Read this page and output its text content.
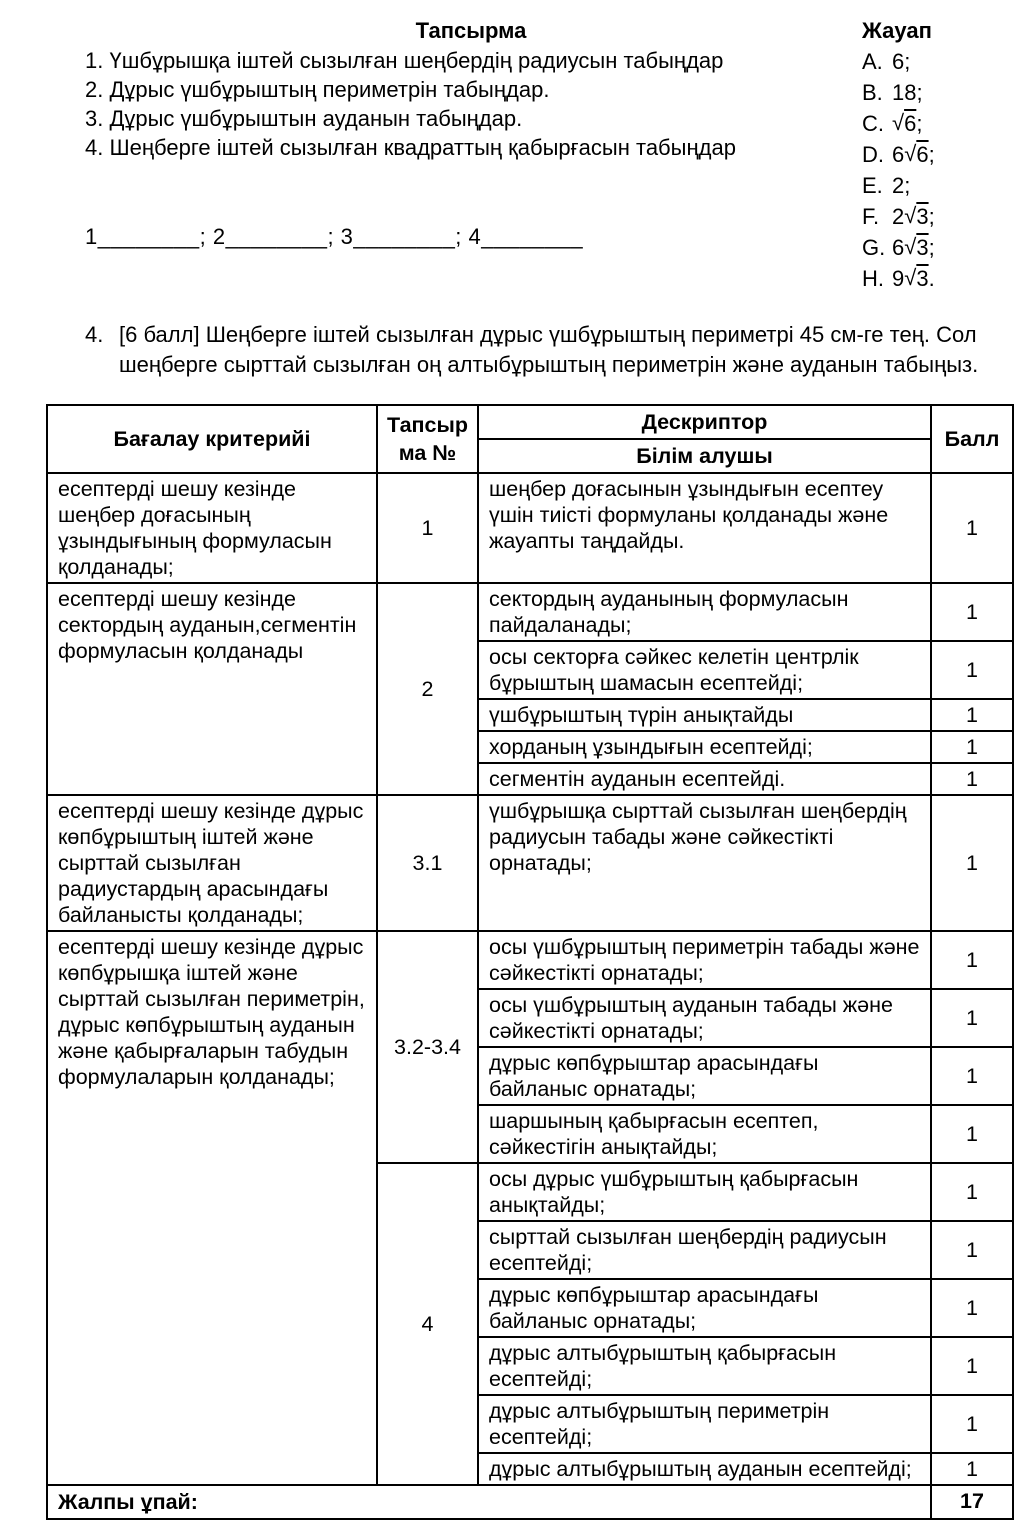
Тапсырма
1. Үшбұрышқа іштей сызылған шеңбердің радиусын табыңдар
2. Дұрыс үшбұрыштың периметрін табыңдар.
3. Дұрыс үшбұрыштын ауданын табыңдар.
4. Шеңберге іштей сызылған квадраттың қабырғасын табыңдар
1________; 2________; 3________; 4________
Жауап
A. 6;
B. 18;
C. √6;
D. 6√6;
E. 2;
F. 2√3;
G. 6√3;
H. 9√3.
4. [6 балл] Шеңберге іштей сызылған дұрыс үшбұрыштың периметрі 45 см-ге тең. Сол шеңберге сырттай сызылған оң алтыбұрыштың периметрін және ауданын табыңыз.
Бағалау критерийі	Тапсырма №	Дескриптор	Балл
		Білім алушы	
есептерді шешу кезінде шеңбер доғасының ұзындығының формуласын қолданады;	1	шеңбер доғасынын ұзындығын есептеу үшін тиісті формуланы қолданады және жауапты таңдайды.	1
есептерді шешу кезінде сектордың ауданын,сегментін формуласын қолданады	2	сектордың ауданының формуласын пайдаланады;	1
		осы секторға сәйкес келетін центрлік бұрыштың шамасын есептейді;	1
		үшбұрыштың түрін анықтайды	1
		хорданың ұзындығын есептейді;	1
		сегментін ауданын есептейді.	1
есептерді шешу кезінде дұрыс көпбұрыштың іштей және сырттай сызылған радиустардың арасындағы байланысты қолданады;	3.1	үшбұрышқа сырттай сызылған шеңбердің радиусын табады және сәйкестікті орнатады;	1
есептерді шешу кезінде дұрыс көпбұрышқа іштей және сырттай сызылған периметрін, дұрыс көпбұрыштың ауданын және қабырғаларын табудын формулаларын қолданады;	3.2-3.4	осы үшбұрыштың периметрін табады және сәйкестікті орнатады;	1
		осы үшбұрыштың ауданын табады және сәйкестікті орнатады;	1
		дұрыс көпбұрыштар арасындағы байланыс орнатады;	1
		шаршының қабырғасын есептеп, сәйкестігін анықтайды;	1
	4	осы дұрыс үшбұрыштың қабырғасын анықтайды;	1
		сырттай сызылған шеңбердің радиусын есептейді;	1
		дұрыс көпбұрыштар арасындағы байланыс орнатады;	1
		дұрыс алтыбұрыштың қабырғасын есептейді;	1
		дұрыс алтыбұрыштың периметрін есептейді;	1
		дұрыс алтыбұрыштың ауданын есептейді;	1
Жалпы ұпай:			17
